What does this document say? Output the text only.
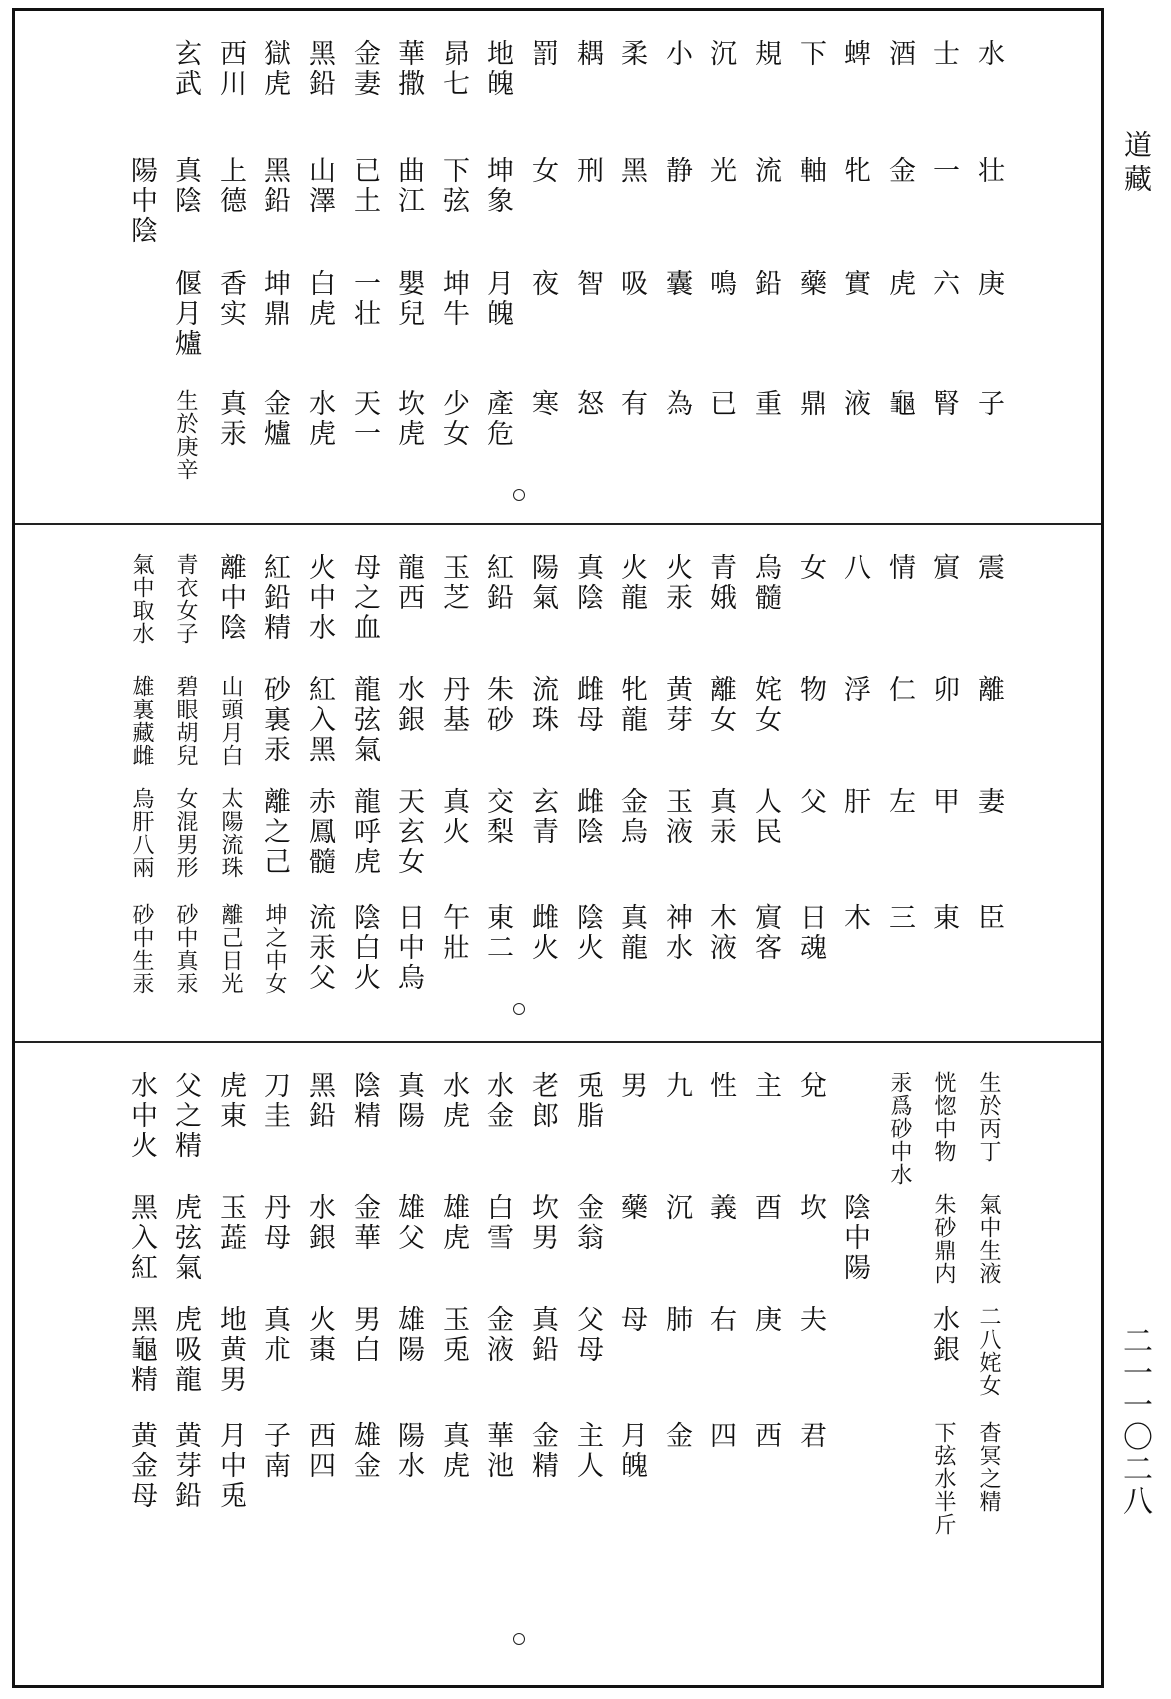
水
壮
庚
子
士
一
六
腎
酒
金
虎
龜
蜱
牝
實
液
下
軸
藥
鼎
規
流
鉛
重
沉
光
鳴
已
小
静
囊
為
柔
黑
吸
有
耦
刑
智
怒
罰
女
夜
寒
地魄
坤象
月魄
產危
昴七
下弦
坤牛
少女
華撒
曲江
嬰兒
坎虎
金妻
已土
一壮
天一
黑鉛
山澤
白虎
水虎
獄虎
黑鉛
坤鼎
金爐
西川
上德
香实
真汞
玄武
真陰
偃月爐
生於庚辛
陽中陰
震
離
妻
臣
賔
卯
甲
東
情
仁
左
三
八
浮
肝
木
女
物
父
日魂
烏髓
姹女
人民
賔客
青娥
離女
真汞
木液
火汞
黄芽
玉液
神水
火龍
牝龍
金烏
真龍
真陰
雌母
雌陰
陰火
陽氣
流珠
玄青
雌火
紅鉛
朱砂
交梨
東二
玉芝
丹基
真火
午壯
龍西
水銀
天玄女
日中烏
母之血
龍弦氣
龍呼虎
陰白火
火中水
紅入黑
赤鳳髓
流汞父
紅鉛精
砂裏汞
離之己
坤之中女
離中陰
山頭月白
太陽流珠
離己日光
青衣女子
碧眼胡兒
女混男形
砂中真汞
氣中取水
雄裏藏雌
烏肝八兩
砂中生汞
生於丙丁
氣中生液
二八姹女
杳冥之精
恍惚中物
朱砂鼎内
水銀
下弦水半斤
汞爲砂中水
陰中陽
兌
坎
夫
君
主
酉
庚
西
性
義
右
四
九
沉
肺
金
男
藥
母
月魄
兎脂
金翁
父母
主人
老郎
坎男
真鉛
金精
水金
白雪
金液
華池
水虎
雄虎
玉兎
真虎
真陽
雄父
雄陽
陽水
陰精
金華
男白
雄金
黑鉛
水銀
火棗
西四
刀圭
丹母
真朮
子南
虎東
玉蕋
地黄男
月中兎
父之精
虎弦氣
虎吸龍
黄芽鉛
水中火
黑入紅
黑龜精
黄金母
道藏
二一一〇二八
